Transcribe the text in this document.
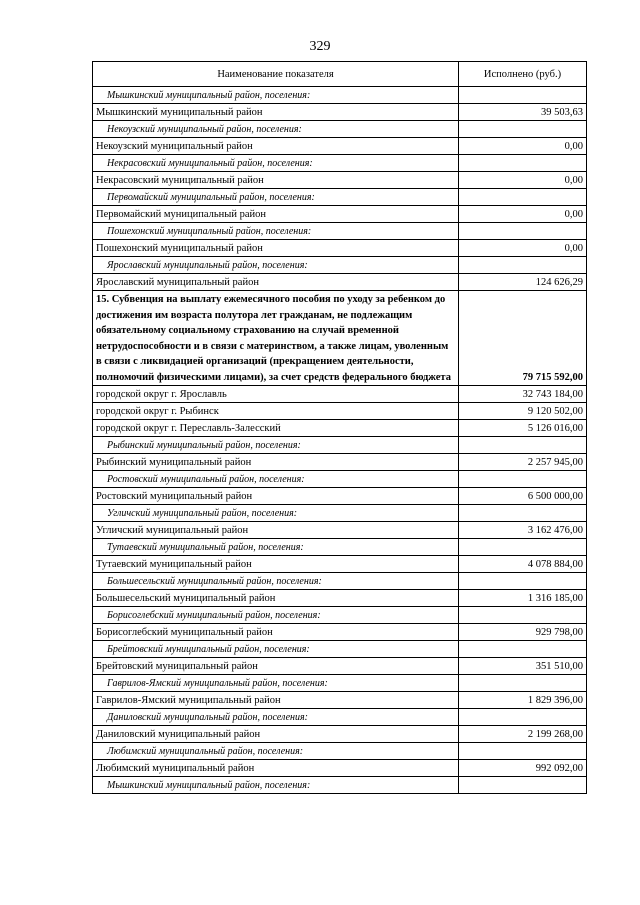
329
Наименование показателя	Исполнено (руб.)
Мышкинский муниципальный район, поселения:	
Мышкинский муниципальный район	39 503,63
Некоузский муниципальный район, поселения:	
Некоузский муниципальный район	0,00
Некрасовский муниципальный район, поселения:	
Некрасовский муниципальный район	0,00
Первомайский муниципальный район, поселения:	
Первомайский муниципальный район	0,00
Пошехонский муниципальный район, поселения:	
Пошехонский муниципальный район	0,00
Ярославский муниципальный район, поселения:	
Ярославский муниципальный район	124 626,29
15. Субвенция на выплату ежемесячного пособия по уходу за ребенком до достижения им возраста полутора лет гражданам, не подлежащим обязательному социальному страхованию на случай временной нетрудоспособности и в связи с материнством, а также лицам, уволенным в связи с ликвидацией организаций (прекращением деятельности, полномочий физическими лицами), за счет средств федерального бюджета	79 715 592,00
городской округ г. Ярославль	32 743 184,00
городской округ г. Рыбинск	9 120 502,00
городской округ г. Переславль-Залесский	5 126 016,00
Рыбинский муниципальный район, поселения:	
Рыбинский муниципальный район	2 257 945,00
Ростовский муниципальный район, поселения:	
Ростовский муниципальный район	6 500 000,00
Угличский муниципальный район, поселения:	
Угличский муниципальный район	3 162 476,00
Тутаевский муниципальный район, поселения:	
Тутаевский муниципальный район	4 078 884,00
Большесельский муниципальный район, поселения:	
Большесельский муниципальный район	1 316 185,00
Борисоглебский муниципальный район, поселения:	
Борисоглебский муниципальный район	929 798,00
Брейтовский муниципальный район, поселения:	
Брейтовский муниципальный район	351 510,00
Гаврилов-Ямский муниципальный район, поселения:	
Гаврилов-Ямский муниципальный район	1 829 396,00
Даниловский муниципальный район, поселения:	
Даниловский муниципальный район	2 199 268,00
Любимский муниципальный район, поселения:	
Любимский муниципальный район	992 092,00
Мышкинский муниципальный район, поселения:	
